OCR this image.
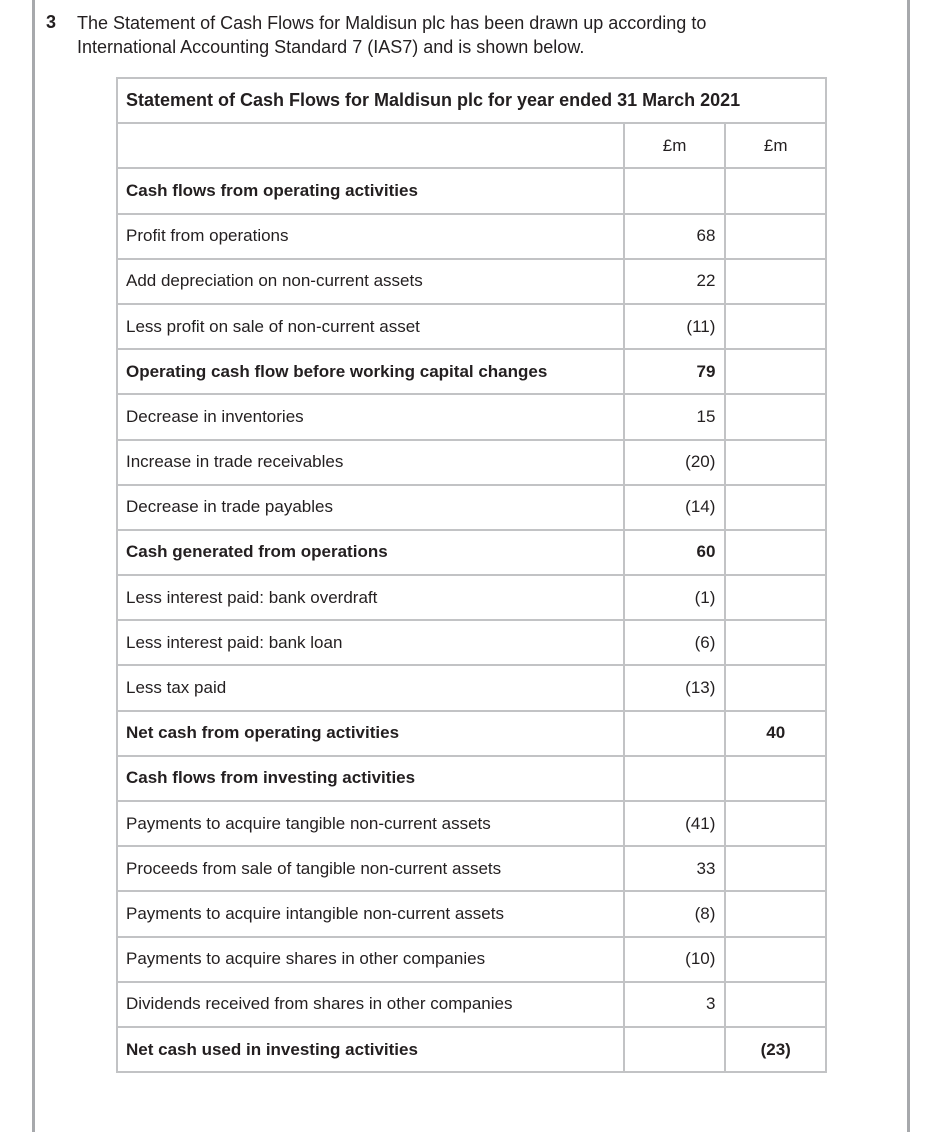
3 The Statement of Cash Flows for Maldisun plc has been drawn up according to
International Accounting Standard 7 (IAS7) and is shown below.
Statement of Cash Flows for Maldisun plc for year ended 31 March 2021		
	£m	£m
Cash flows from operating activities		
Profit from operations	68	
Add depreciation on non-current assets	22	
Less profit on sale of non-current asset	(11)	
Operating cash flow before working capital changes	79	
Decrease in inventories	15	
Increase in trade receivables	(20)	
Decrease in trade payables	(14)	
Cash generated from operations	60	
Less interest paid: bank overdraft	(1)	
Less interest paid: bank loan	(6)	
Less tax paid	(13)	
Net cash from operating activities		40
Cash flows from investing activities		
Payments to acquire tangible non-current assets	(41)	
Proceeds from sale of tangible non-current assets	33	
Payments to acquire intangible non-current assets	(8)	
Payments to acquire shares in other companies	(10)	
Dividends received from shares in other companies	3	
Net cash used in investing activities		(23)
